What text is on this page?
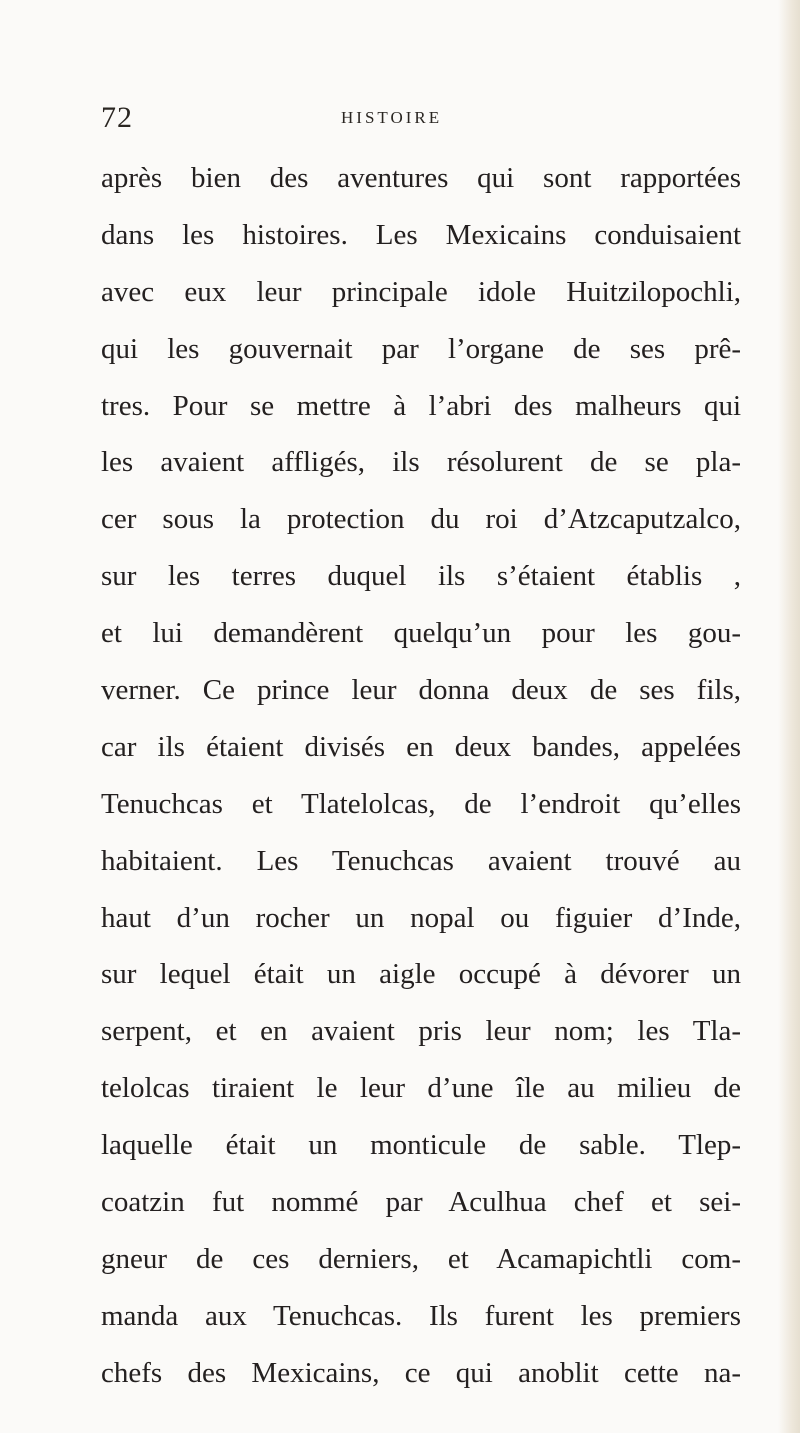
72	HISTOIRE
après bien des aventures qui sont rapportées
dans les histoires. Les Mexicains conduisaient
avec eux leur principale idole Huitzilopochli,
qui les gouvernait par l’organe de ses prê-
tres. Pour se mettre à l’abri des malheurs qui
les avaient affligés, ils résolurent de se pla-
cer sous la protection du roi d’Atzcaputzalco,
sur les terres duquel ils s’étaient établis ,
et lui demandèrent quelqu’un pour les gou-
verner. Ce prince leur donna deux de ses fils,
car ils étaient divisés en deux bandes, appelées
Tenuchcas et Tlatelolcas, de l’endroit qu’elles
habitaient. Les Tenuchcas avaient trouvé au
haut d’un rocher un nopal ou figuier d’Inde,
sur lequel était un aigle occupé à dévorer un
serpent, et en avaient pris leur nom; les Tla-
telolcas tiraient le leur d’une île au milieu de
laquelle était un monticule de sable. Tlep-
coatzin fut nommé par Aculhua chef et sei-
gneur de ces derniers, et Acamapichtli com-
manda aux Tenuchcas. Ils furent les premiers
chefs des Mexicains, ce qui anoblit cette na-
